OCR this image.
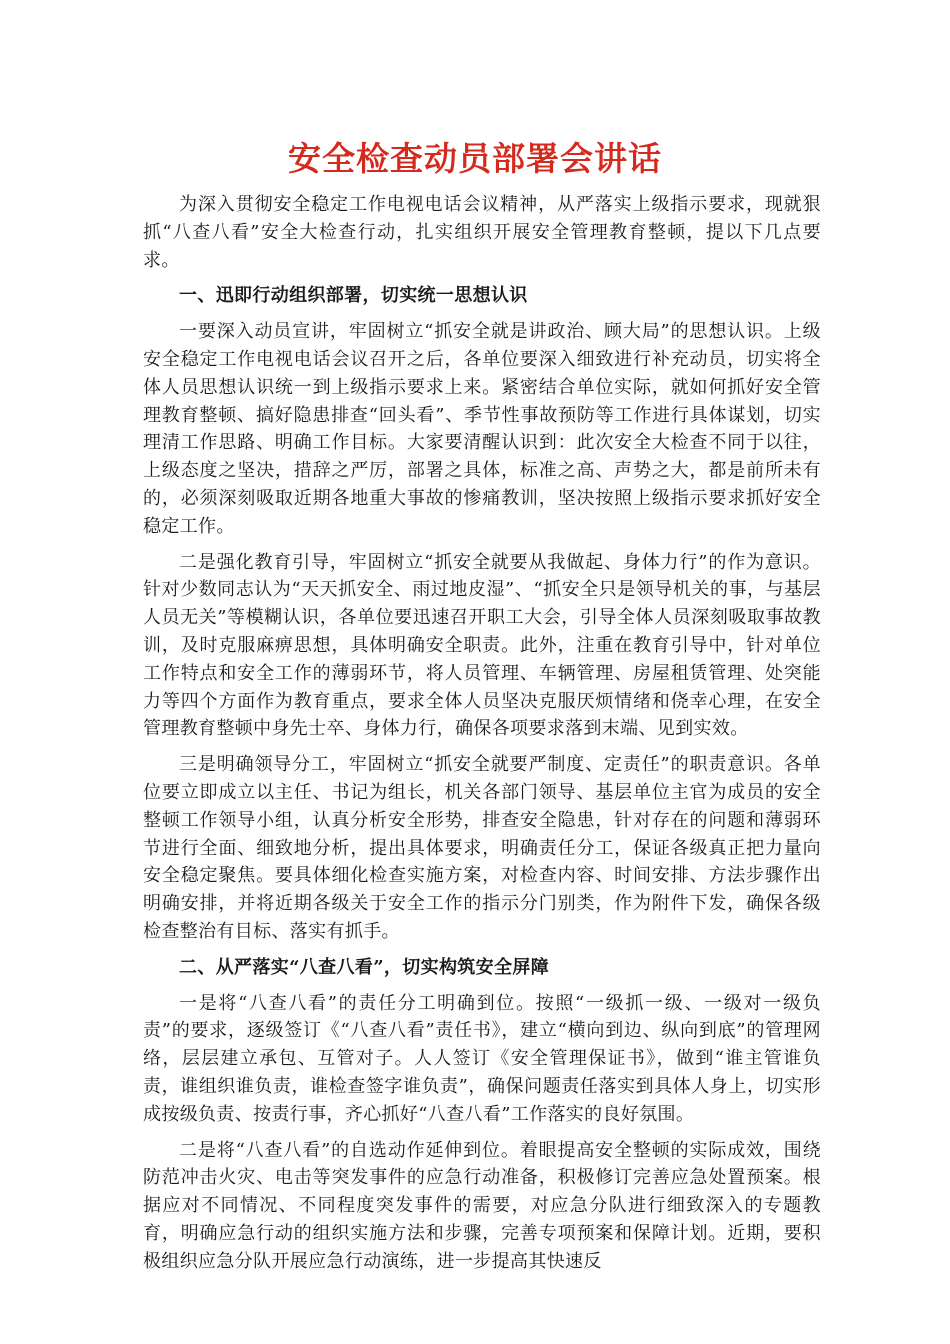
安全检查动员部署会讲话

为深入贯彻安全稳定工作电视电话会议精神，从严落实上级指示要求，现就狠抓“八查八看”安全大检查行动，扎实组织开展安全管理教育整顿，提以下几点要求。

一、迅即行动组织部署，切实统一思想认识

一要深入动员宣讲，牢固树立“抓安全就是讲政治、顾大局”的思想认识。上级安全稳定工作电视电话会议召开之后，各单位要深入细致进行补充动员，切实将全体人员思想认识统一到上级指示要求上来。紧密结合单位实际，就如何抓好安全管理教育整顿、搞好隐患排查“回头看”、季节性事故预防等工作进行具体谋划，切实理清工作思路、明确工作目标。大家要清醒认识到：此次安全大检查不同于以往，上级态度之坚决，措辞之严厉，部署之具体，标准之高、声势之大，都是前所未有的，必须深刻吸取近期各地重大事故的惨痛教训，坚决按照上级指示要求抓好安全稳定工作。

二是强化教育引导，牢固树立“抓安全就要从我做起、身体力行”的作为意识。针对少数同志认为“天天抓安全、雨过地皮湿”、“抓安全只是领导机关的事，与基层人员无关”等模糊认识，各单位要迅速召开职工大会，引导全体人员深刻吸取事故教训，及时克服麻痹思想，具体明确安全职责。此外，注重在教育引导中，针对单位工作特点和安全工作的薄弱环节，将人员管理、车辆管理、房屋租赁管理、处突能力等四个方面作为教育重点，要求全体人员坚决克服厌烦情绪和侥幸心理，在安全管理教育整顿中身先士卒、身体力行，确保各项要求落到末端、见到实效。

三是明确领导分工，牢固树立“抓安全就要严制度、定责任”的职责意识。各单位要立即成立以主任、书记为组长，机关各部门领导、基层单位主官为成员的安全整顿工作领导小组，认真分析安全形势，排查安全隐患，针对存在的问题和薄弱环节进行全面、细致地分析，提出具体要求，明确责任分工，保证各级真正把力量向安全稳定聚焦。要具体细化检查实施方案，对检查内容、时间安排、方法步骤作出明确安排，并将近期各级关于安全工作的指示分门别类，作为附件下发，确保各级检查整治有目标、落实有抓手。

二、从严落实“八查八看”，切实构筑安全屏障

一是将“八查八看”的责任分工明确到位。按照“一级抓一级、一级对一级负责”的要求，逐级签订《“八查八看”责任书》，建立“横向到边、纵向到底”的管理网络，层层建立承包、互管对子。人人签订《安全管理保证书》，做到“谁主管谁负责，谁组织谁负责，谁检查签字谁负责”，确保问题责任落实到具体人身上，切实形成按级负责、按责行事，齐心抓好“八查八看”工作落实的良好氛围。

二是将“八查八看”的自选动作延伸到位。着眼提高安全整顿的实际成效，围绕防范冲击火灾、电击等突发事件的应急行动准备，积极修订完善应急处置预案。根据应对不同情况、不同程度突发事件的需要，对应急分队进行细致深入的专题教育，明确应急行动的组织实施方法和步骤，完善专项预案和保障计划。近期，要积极组织应急分队开展应急行动演练，进一步提高其快速反
